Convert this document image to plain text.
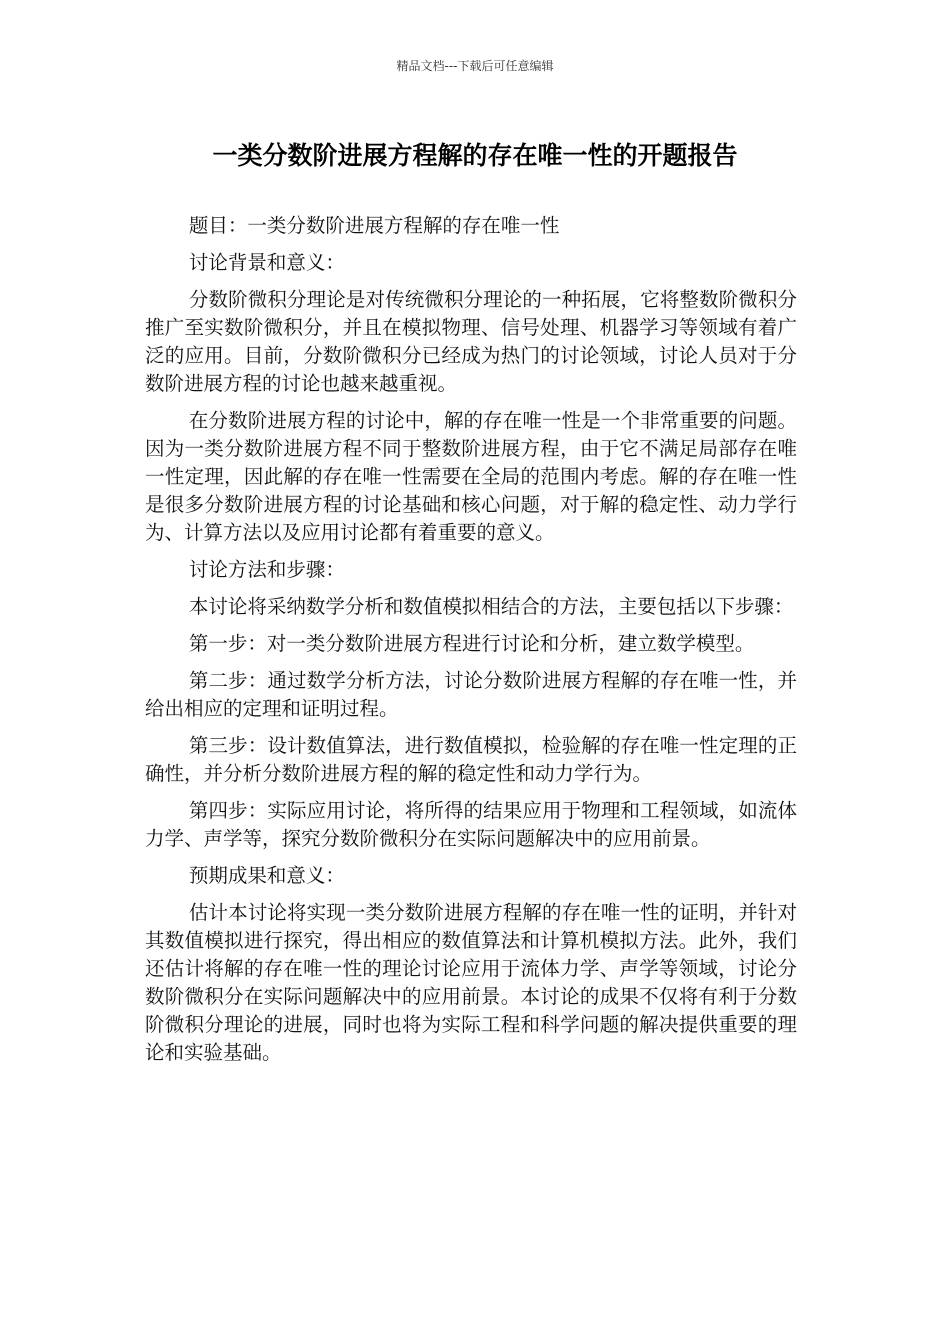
精品文档---下载后可任意编辑
一类分数阶进展方程解的存在唯一性的开题报告

题目：一类分数阶进展方程解的存在唯一性

讨论背景和意义：

分数阶微积分理论是对传统微积分理论的一种拓展，它将整数阶微积分推广至实数阶微积分，并且在模拟物理、信号处理、机器学习等领域有着广泛的应用。目前，分数阶微积分已经成为热门的讨论领域，讨论人员对于分数阶进展方程的讨论也越来越重视。

在分数阶进展方程的讨论中，解的存在唯一性是一个非常重要的问题。因为一类分数阶进展方程不同于整数阶进展方程，由于它不满足局部存在唯一性定理，因此解的存在唯一性需要在全局的范围内考虑。解的存在唯一性是很多分数阶进展方程的讨论基础和核心问题，对于解的稳定性、动力学行为、计算方法以及应用讨论都有着重要的意义。

讨论方法和步骤：

本讨论将采纳数学分析和数值模拟相结合的方法，主要包括以下步骤：

第一步：对一类分数阶进展方程进行讨论和分析，建立数学模型。

第二步：通过数学分析方法，讨论分数阶进展方程解的存在唯一性，并给出相应的定理和证明过程。

第三步：设计数值算法，进行数值模拟，检验解的存在唯一性定理的正确性，并分析分数阶进展方程的解的稳定性和动力学行为。

第四步：实际应用讨论，将所得的结果应用于物理和工程领域，如流体力学、声学等，探究分数阶微积分在实际问题解决中的应用前景。

预期成果和意义：

估计本讨论将实现一类分数阶进展方程解的存在唯一性的证明，并针对其数值模拟进行探究，得出相应的数值算法和计算机模拟方法。此外，我们还估计将解的存在唯一性的理论讨论应用于流体力学、声学等领域，讨论分数阶微积分在实际问题解决中的应用前景。本讨论的成果不仅将有利于分数阶微积分理论的进展，同时也将为实际工程和科学问题的解决提供重要的理论和实验基础。
